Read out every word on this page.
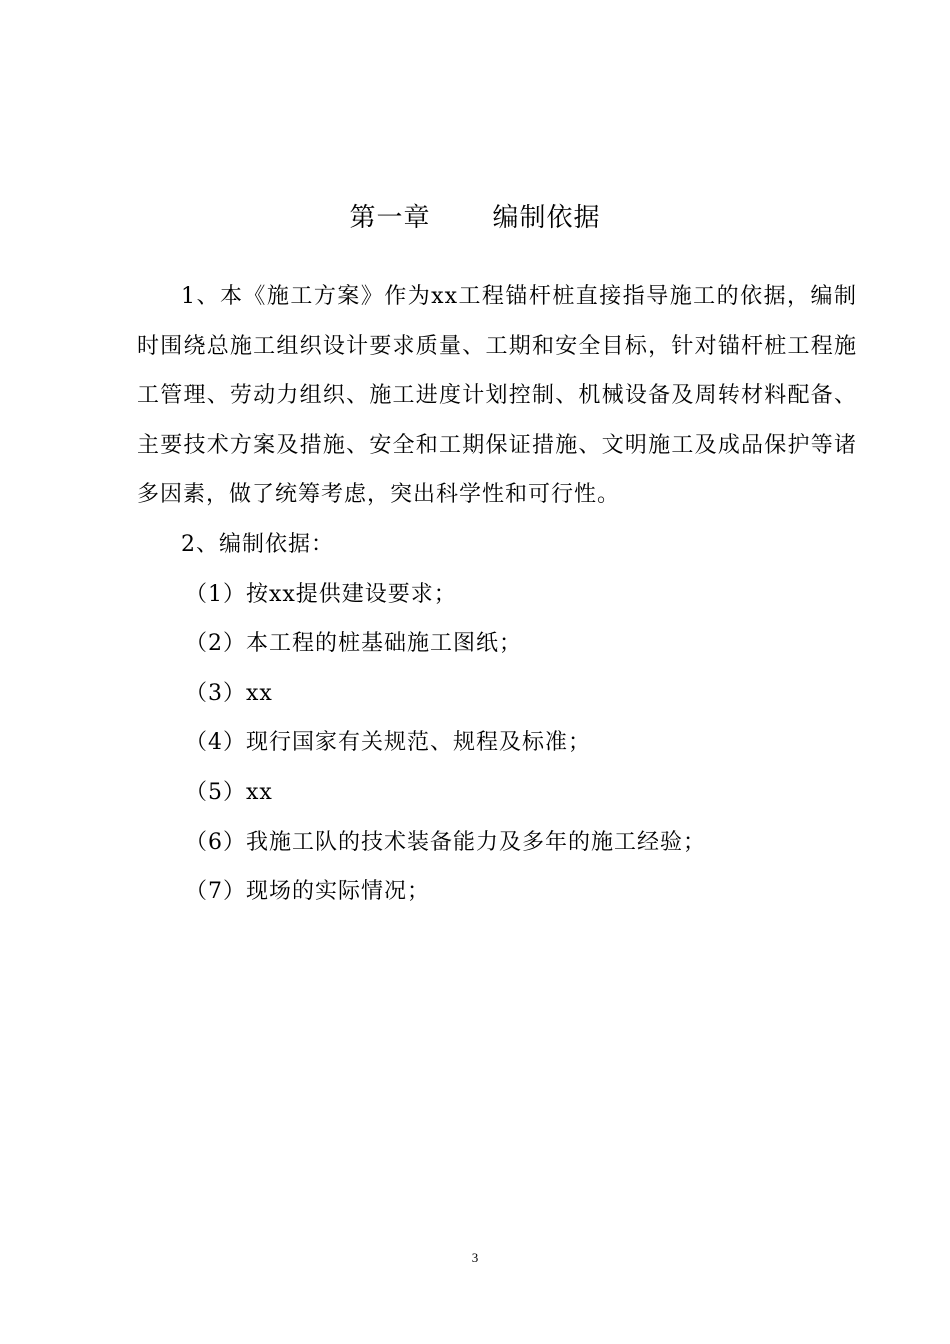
第一章 编制依据

1、本《施工方案》作为xx工程锚杆桩直接指导施工的依据，编制时围绕总施工组织设计要求质量、工期和安全目标，针对锚杆桩工程施工管理、劳动力组织、施工进度计划控制、机械设备及周转材料配备、主要技术方案及措施、安全和工期保证措施、文明施工及成品保护等诸多因素，做了统筹考虑，突出科学性和可行性。

2、编制依据：

（1）按xx提供建设要求；

（2）本工程的桩基础施工图纸；

（3）xx

（4）现行国家有关规范、规程及标准；

（5）xx

（6）我施工队的技术装备能力及多年的施工经验；

（7）现场的实际情况；

3
